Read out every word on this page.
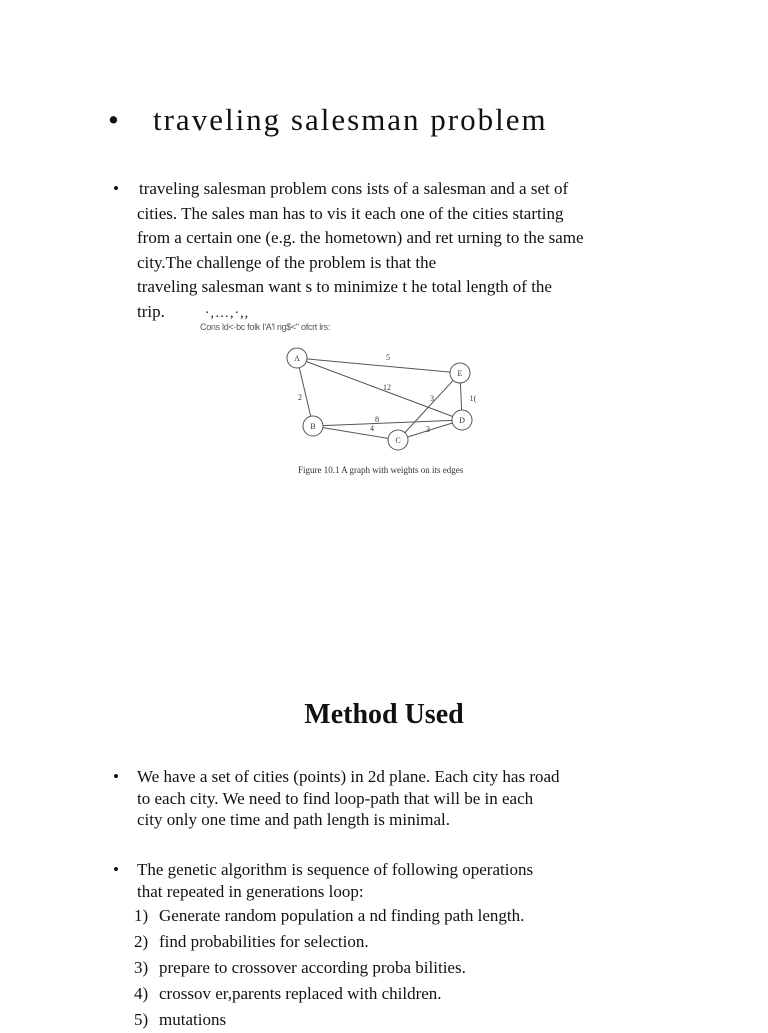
• traveling salesman problem
•	traveling salesman problem cons ists of a salesman and a set of
cities. The sales man has to vis it each one of the cities starting
from a certain one (e.g. the hometown) and ret urning to the same
city.The challenge of the problem is that the
traveling salesman want s to minimize t he total length of the
trip.	·,…,·,,
Cons ld<·bc folk I'A'l ng$<" ofcrt lrs:
A
B
C
D
E
5
12
3	1(
2
8
4	3
Figure 10.1 A graph with weights on its edges
Method Used
•	We have a set of cities (points) in 2d plane. Each city has road
to each city. We need to find loop-path that will be in each
city only one time and path length is minimal.
•	The genetic algorithm is sequence of following operations
that repeated in generations loop:
1) Generate random population a nd finding path length.
2) find probabilities for selection.
3) prepare to crossover according proba bilities.
4) crossov er,parents replaced with children.
5) mutations
